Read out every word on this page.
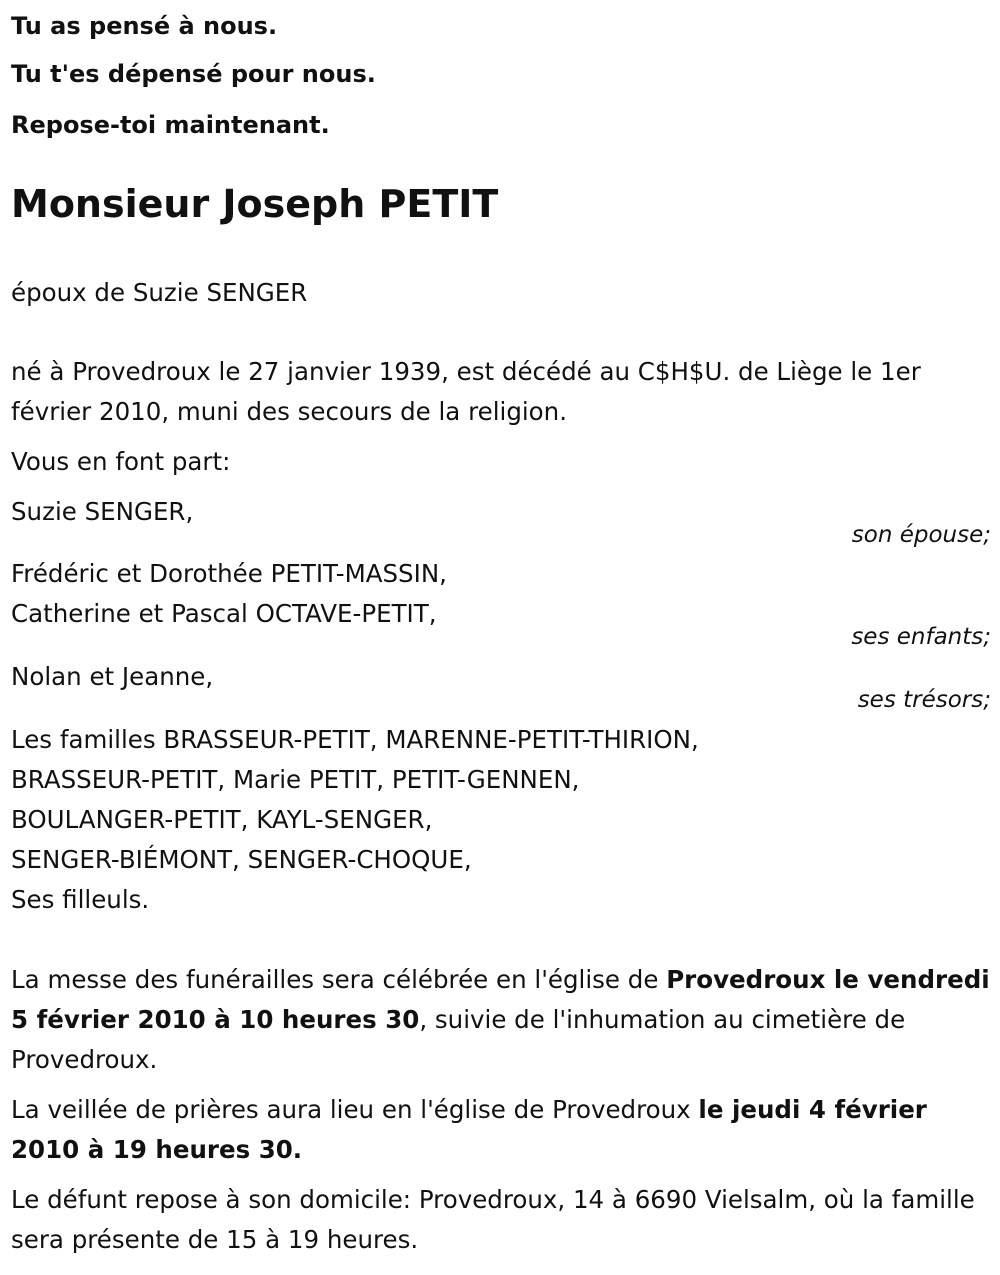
Tu as pensé à nous.
Tu t'es dépensé pour nous.
Repose-toi maintenant.
Monsieur Joseph PETIT
époux de Suzie SENGER
né à Provedroux le 27 janvier 1939, est décédé au C$H$U. de Liège le 1er
février 2010, muni des secours de la religion.
Vous en font part:
Suzie SENGER,
son épouse;
Frédéric et Dorothée PETIT-MASSIN,
Catherine et Pascal OCTAVE-PETIT,
ses enfants;
Nolan et Jeanne,
ses trésors;
Les familles BRASSEUR-PETIT, MARENNE-PETIT-THIRION,
BRASSEUR-PETIT, Marie PETIT, PETIT-GENNEN,
BOULANGER-PETIT, KAYL-SENGER,
SENGER-BIÉMONT, SENGER-CHOQUE,
Ses filleuls.
La messe des funérailles sera célébrée en l'église de Provedroux le vendredi 5 février 2010 à 10 heures 30, suivie de l'inhumation au cimetière de Provedroux.
La veillée de prières aura lieu en l'église de Provedroux le jeudi 4 février 2010 à 19 heures 30.
Le défunt repose à son domicile: Provedroux, 14 à 6690 Vielsalm, où la famille sera présente de 15 à 19 heures.
